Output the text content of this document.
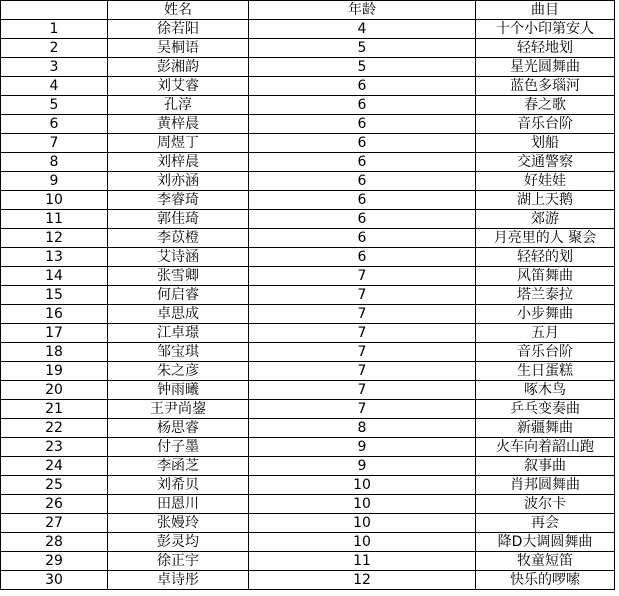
	姓名	年龄	曲目
1	徐若阳	4	十个小印第安人
2	吴桐语	5	轻轻地划
3	彭湘韵	5	星光圆舞曲
4	刘艾睿	6	蓝色多瑙河
5	孔淳	6	春之歌
6	黄梓晨	6	音乐台阶
7	周煜丁	6	划船
8	刘梓晨	6	交通警察
9	刘亦涵	6	好娃娃
10	李睿琦	6	湖上天鹅
11	郭佳琦	6	郊游
12	李苡橙	6	月亮里的人 聚会
13	艾诗涵	6	轻轻的划
14	张雪卿	7	风笛舞曲
15	何启睿	7	塔兰泰拉
16	卓思成	7	小步舞曲
17	江卓璟	7	五月
18	邹宝琪	7	音乐台阶
19	朱之彦	7	生日蛋糕
20	钟雨曦	7	啄木鸟
21	王尹尚鋆	7	乒乓变奏曲
22	杨思睿	8	新疆舞曲
23	付子墨	9	火车向着韶山跑
24	李函芝	9	叙事曲
25	刘希贝	10	肖邦圆舞曲
26	田恩川	10	波尔卡
27	张嫚玲	10	再会
28	彭灵均	10	降D大调圆舞曲
29	徐正宇	11	牧童短笛
30	卓诗彤	12	快乐的啰嗦
